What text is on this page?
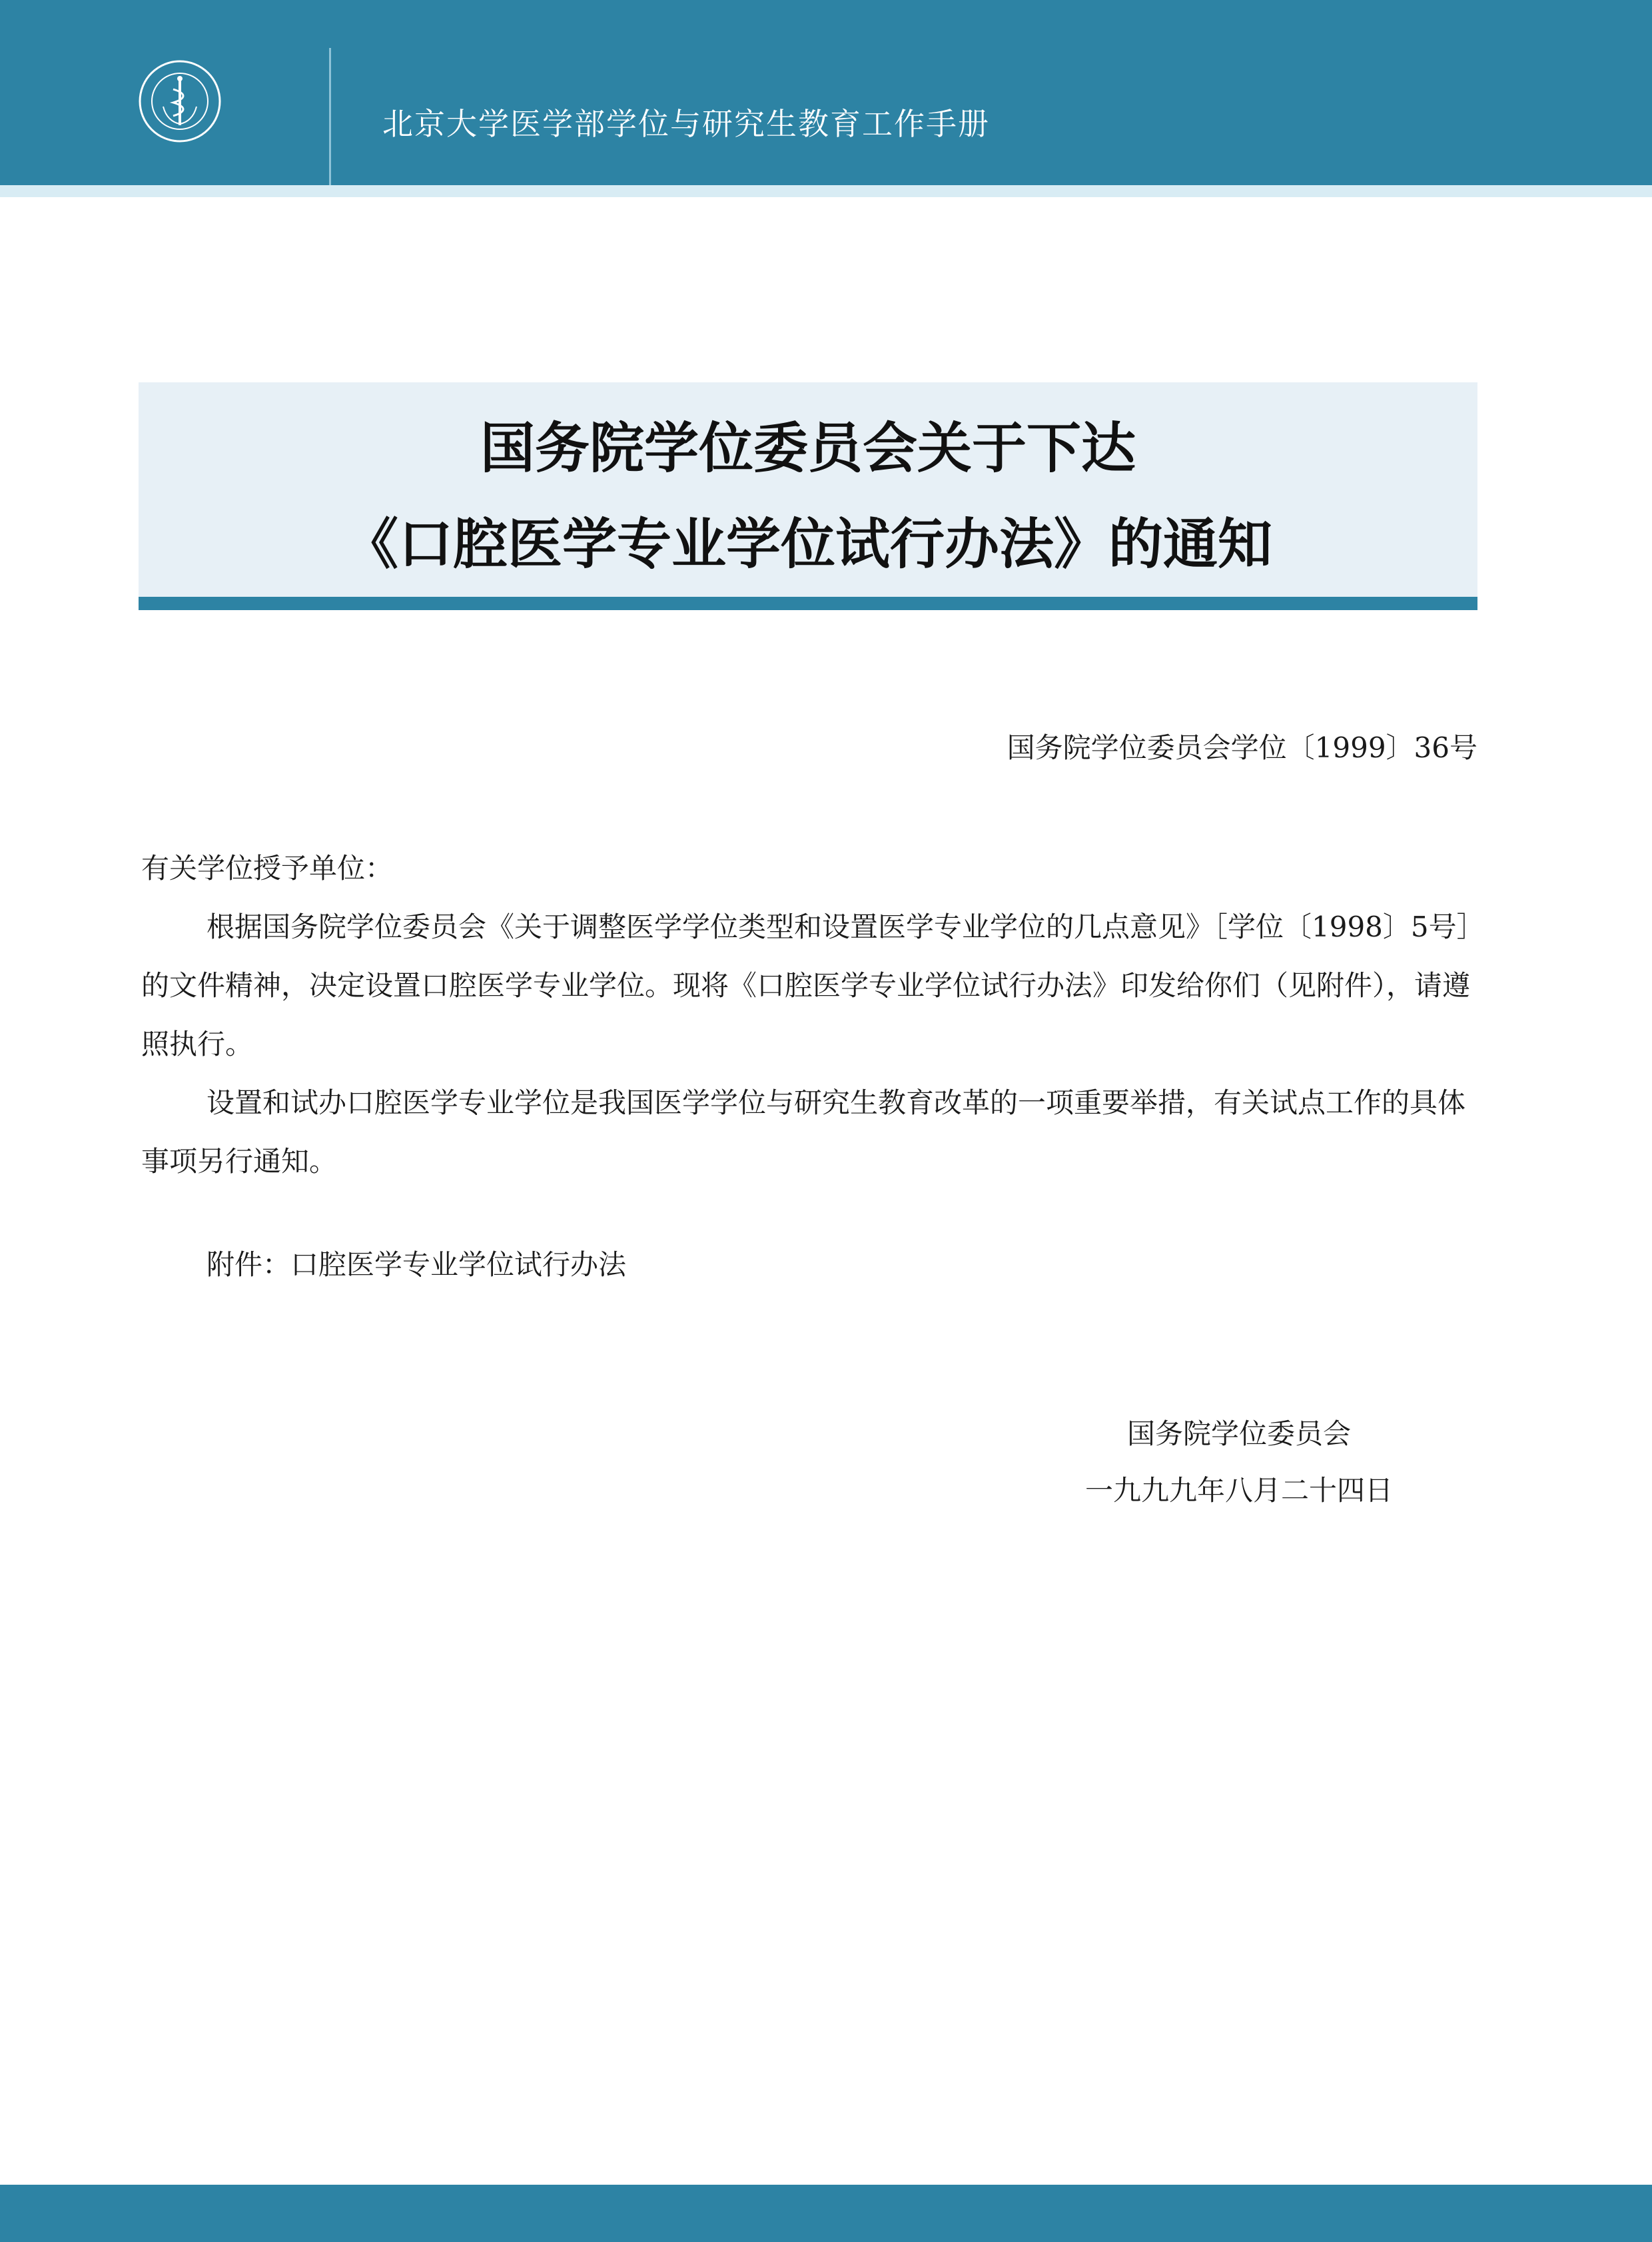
北京大学医学部学位与研究生教育工作手册
国务院学位委员会关于下达
《口腔医学专业学位试行办法》的通知
国务院学位委员会学位〔1999〕36号

有关学位授予单位：

根据国务院学位委员会《关于调整医学学位类型和设置医学专业学位的几点意见》［学位〔1998〕5号］的文件精神，决定设置口腔医学专业学位。现将《口腔医学专业学位试行办法》印发给你们（见附件），请遵照执行。

设置和试办口腔医学专业学位是我国医学学位与研究生教育改革的一项重要举措，有关试点工作的具体事项另行通知。

附件：口腔医学专业学位试行办法

国务院学位委员会
一九九九年八月二十四日
